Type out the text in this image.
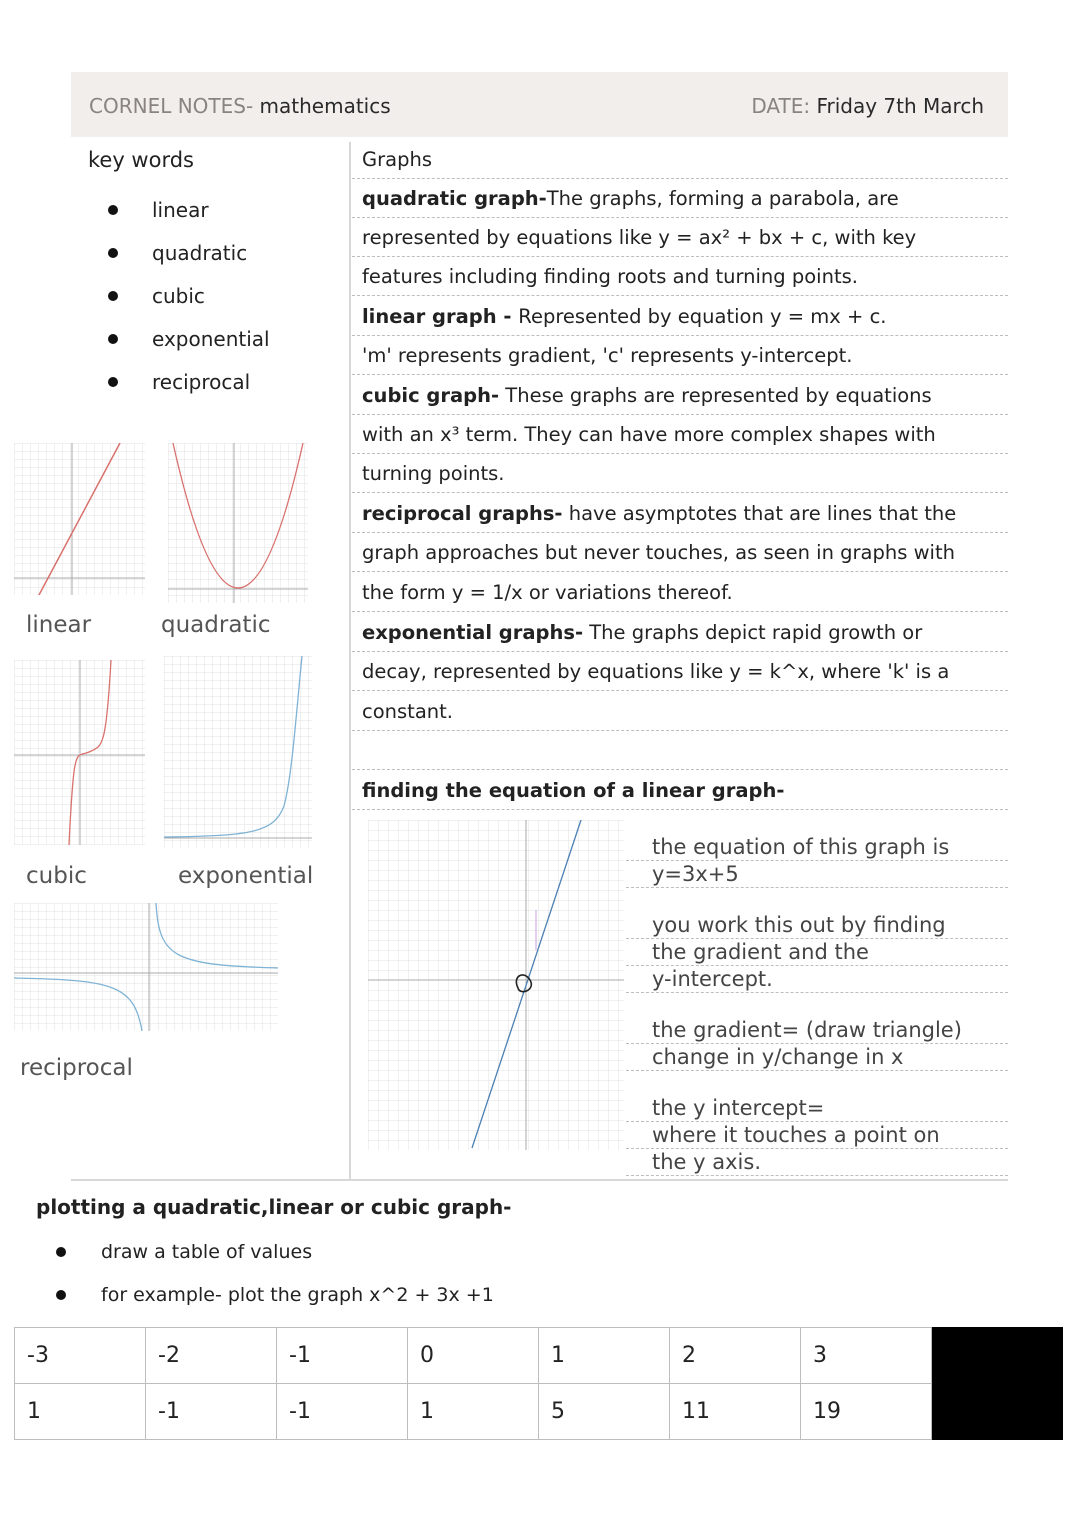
CORNEL NOTES- mathematics	DATE: Friday 7th March
key words
linear
quadratic
cubic
exponential
reciprocal
linear	quadratic
cubic	exponential
reciprocal
Graphs
quadratic graph-The graphs, forming a parabola, are
represented by equations like y = ax² + bx + c, with key
features including finding roots and turning points.
linear graph - Represented by equation y = mx + c.
'm' represents gradient, 'c' represents y-intercept.
cubic graph- These graphs are represented by equations
with an x³ term. They can have more complex shapes with
turning points.
reciprocal graphs- have asymptotes that are lines that the
graph approaches but never touches, as seen in graphs with
the form y = 1/x or variations thereof.
exponential graphs- The graphs depict rapid growth or
decay, represented by equations like y = k^x, where 'k' is a
constant.
finding the equation of a linear graph-
the equation of this graph is
y=3x+5
you work this out by finding
the gradient and the
y-intercept.
the gradient= (draw triangle)
change in y/change in x
the y intercept=
where it touches a point on
the y axis.
plotting a quadratic,linear or cubic graph-
draw a table of values
for example- plot the graph x^2 + 3x +1
-3	-2	-1	0	1	2	3	
1	-1	-1	1	5	11	19	
